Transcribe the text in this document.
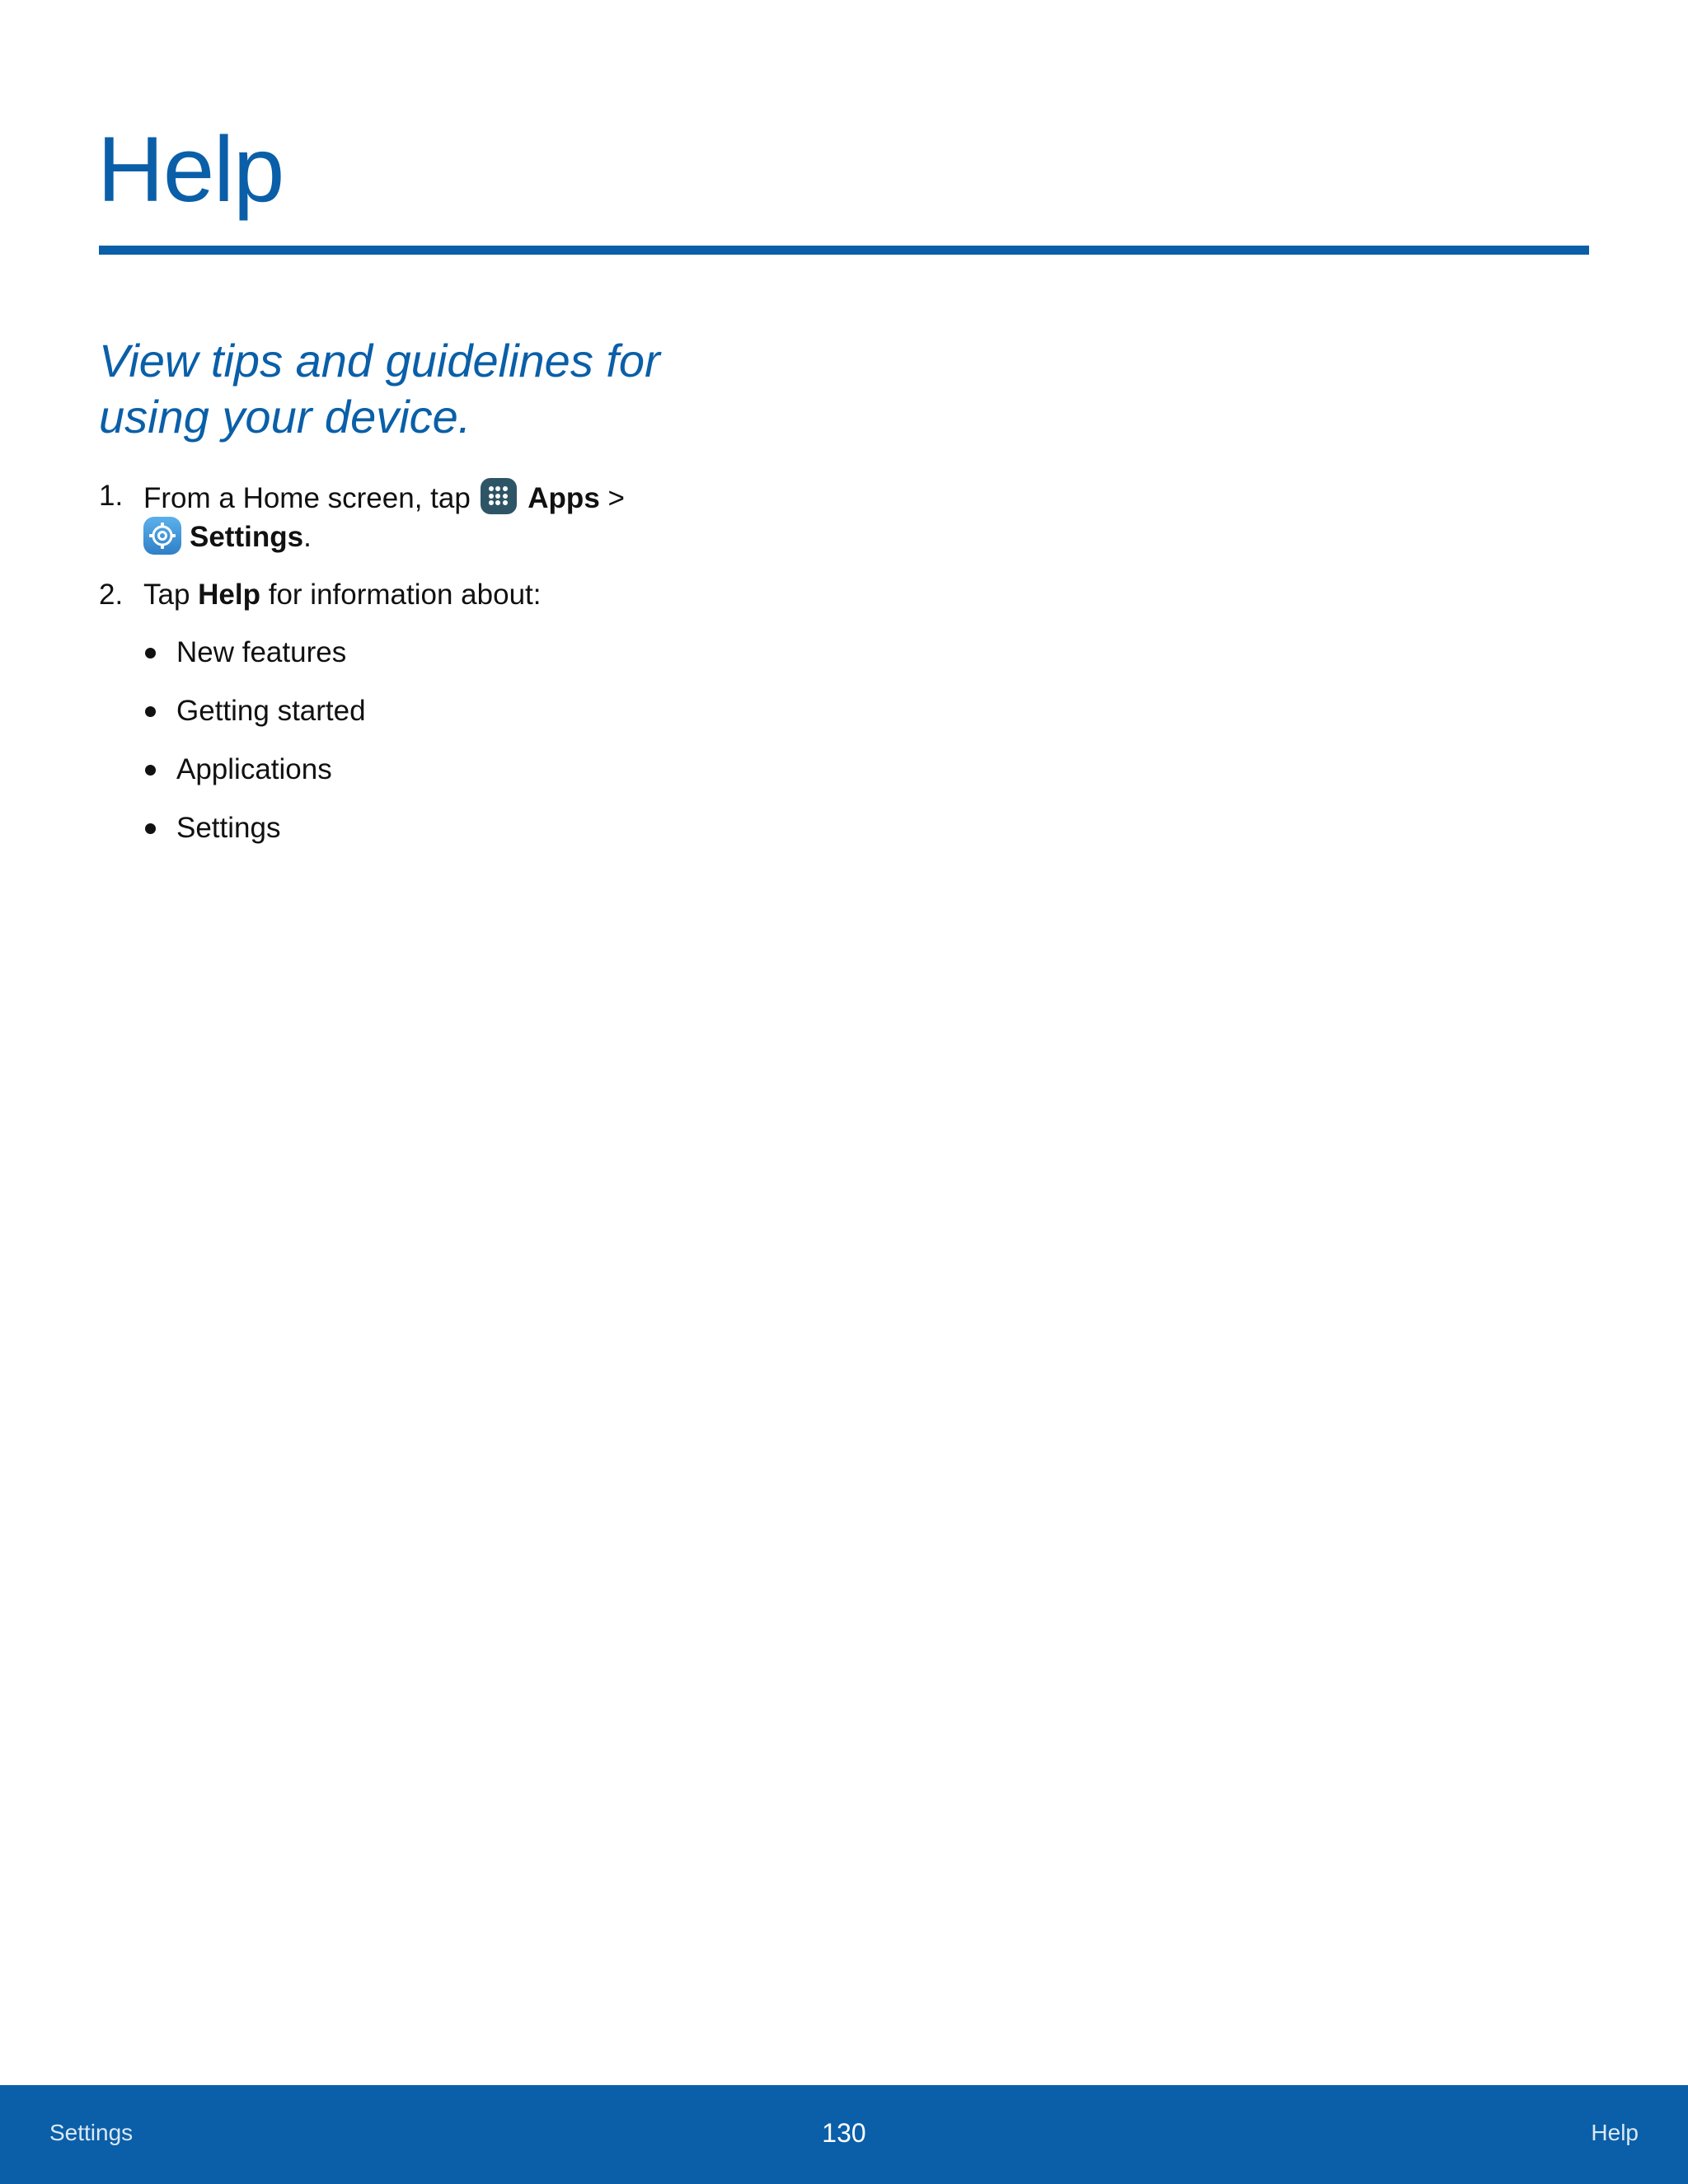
Help

View tips and guidelines for using your device.

1. From a Home screen, tap
Apps >
Settings.
2. Tap Help for information about:
New features
Getting started
Applications
Settings
Settings	130	Help
